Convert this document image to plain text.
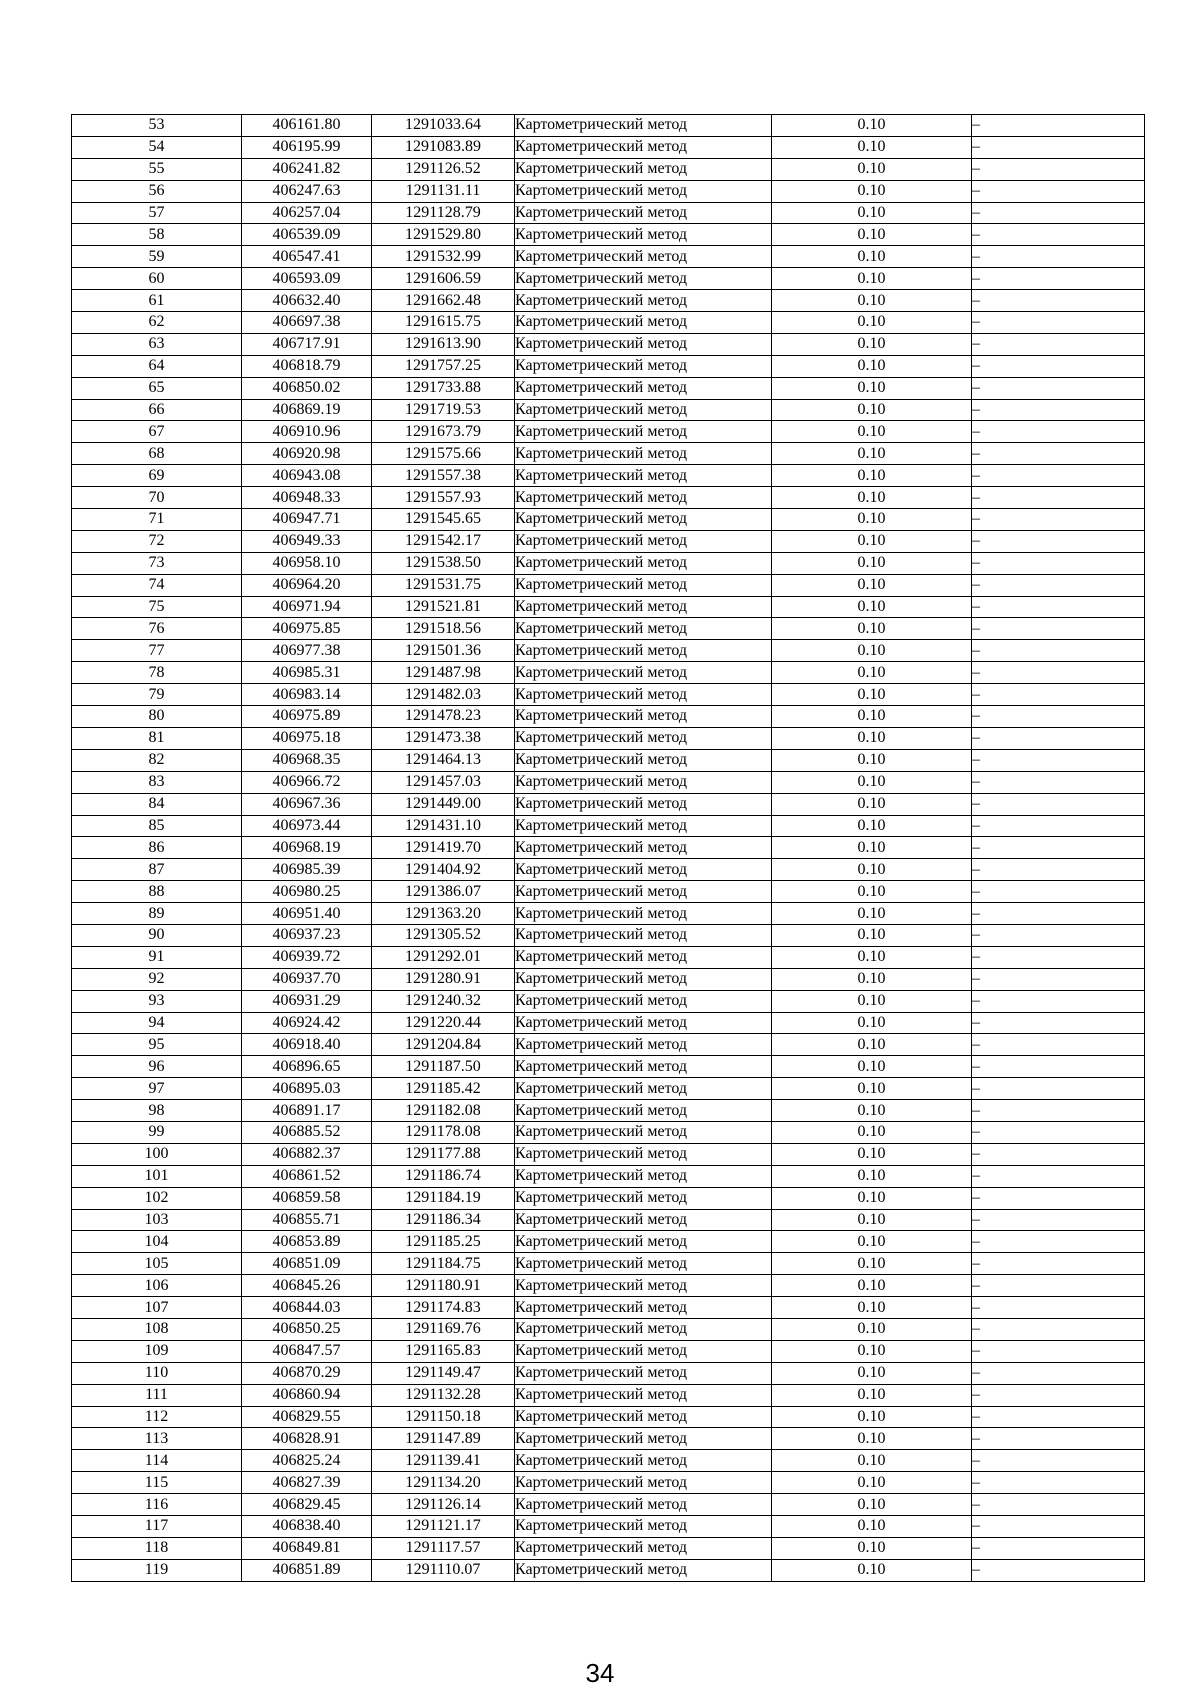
53	406161.80	1291033.64	Картометрический метод	0.10	–
54	406195.99	1291083.89	Картометрический метод	0.10	–
55	406241.82	1291126.52	Картометрический метод	0.10	–
56	406247.63	1291131.11	Картометрический метод	0.10	–
57	406257.04	1291128.79	Картометрический метод	0.10	–
58	406539.09	1291529.80	Картометрический метод	0.10	–
59	406547.41	1291532.99	Картометрический метод	0.10	–
60	406593.09	1291606.59	Картометрический метод	0.10	–
61	406632.40	1291662.48	Картометрический метод	0.10	–
62	406697.38	1291615.75	Картометрический метод	0.10	–
63	406717.91	1291613.90	Картометрический метод	0.10	–
64	406818.79	1291757.25	Картометрический метод	0.10	–
65	406850.02	1291733.88	Картометрический метод	0.10	–
66	406869.19	1291719.53	Картометрический метод	0.10	–
67	406910.96	1291673.79	Картометрический метод	0.10	–
68	406920.98	1291575.66	Картометрический метод	0.10	–
69	406943.08	1291557.38	Картометрический метод	0.10	–
70	406948.33	1291557.93	Картометрический метод	0.10	–
71	406947.71	1291545.65	Картометрический метод	0.10	–
72	406949.33	1291542.17	Картометрический метод	0.10	–
73	406958.10	1291538.50	Картометрический метод	0.10	–
74	406964.20	1291531.75	Картометрический метод	0.10	–
75	406971.94	1291521.81	Картометрический метод	0.10	–
76	406975.85	1291518.56	Картометрический метод	0.10	–
77	406977.38	1291501.36	Картометрический метод	0.10	–
78	406985.31	1291487.98	Картометрический метод	0.10	–
79	406983.14	1291482.03	Картометрический метод	0.10	–
80	406975.89	1291478.23	Картометрический метод	0.10	–
81	406975.18	1291473.38	Картометрический метод	0.10	–
82	406968.35	1291464.13	Картометрический метод	0.10	–
83	406966.72	1291457.03	Картометрический метод	0.10	–
84	406967.36	1291449.00	Картометрический метод	0.10	–
85	406973.44	1291431.10	Картометрический метод	0.10	–
86	406968.19	1291419.70	Картометрический метод	0.10	–
87	406985.39	1291404.92	Картометрический метод	0.10	–
88	406980.25	1291386.07	Картометрический метод	0.10	–
89	406951.40	1291363.20	Картометрический метод	0.10	–
90	406937.23	1291305.52	Картометрический метод	0.10	–
91	406939.72	1291292.01	Картометрический метод	0.10	–
92	406937.70	1291280.91	Картометрический метод	0.10	–
93	406931.29	1291240.32	Картометрический метод	0.10	–
94	406924.42	1291220.44	Картометрический метод	0.10	–
95	406918.40	1291204.84	Картометрический метод	0.10	–
96	406896.65	1291187.50	Картометрический метод	0.10	–
97	406895.03	1291185.42	Картометрический метод	0.10	–
98	406891.17	1291182.08	Картометрический метод	0.10	–
99	406885.52	1291178.08	Картометрический метод	0.10	–
100	406882.37	1291177.88	Картометрический метод	0.10	–
101	406861.52	1291186.74	Картометрический метод	0.10	–
102	406859.58	1291184.19	Картометрический метод	0.10	–
103	406855.71	1291186.34	Картометрический метод	0.10	–
104	406853.89	1291185.25	Картометрический метод	0.10	–
105	406851.09	1291184.75	Картометрический метод	0.10	–
106	406845.26	1291180.91	Картометрический метод	0.10	–
107	406844.03	1291174.83	Картометрический метод	0.10	–
108	406850.25	1291169.76	Картометрический метод	0.10	–
109	406847.57	1291165.83	Картометрический метод	0.10	–
110	406870.29	1291149.47	Картометрический метод	0.10	–
111	406860.94	1291132.28	Картометрический метод	0.10	–
112	406829.55	1291150.18	Картометрический метод	0.10	–
113	406828.91	1291147.89	Картометрический метод	0.10	–
114	406825.24	1291139.41	Картометрический метод	0.10	–
115	406827.39	1291134.20	Картометрический метод	0.10	–
116	406829.45	1291126.14	Картометрический метод	0.10	–
117	406838.40	1291121.17	Картометрический метод	0.10	–
118	406849.81	1291117.57	Картометрический метод	0.10	–
119	406851.89	1291110.07	Картометрический метод	0.10	–
34
